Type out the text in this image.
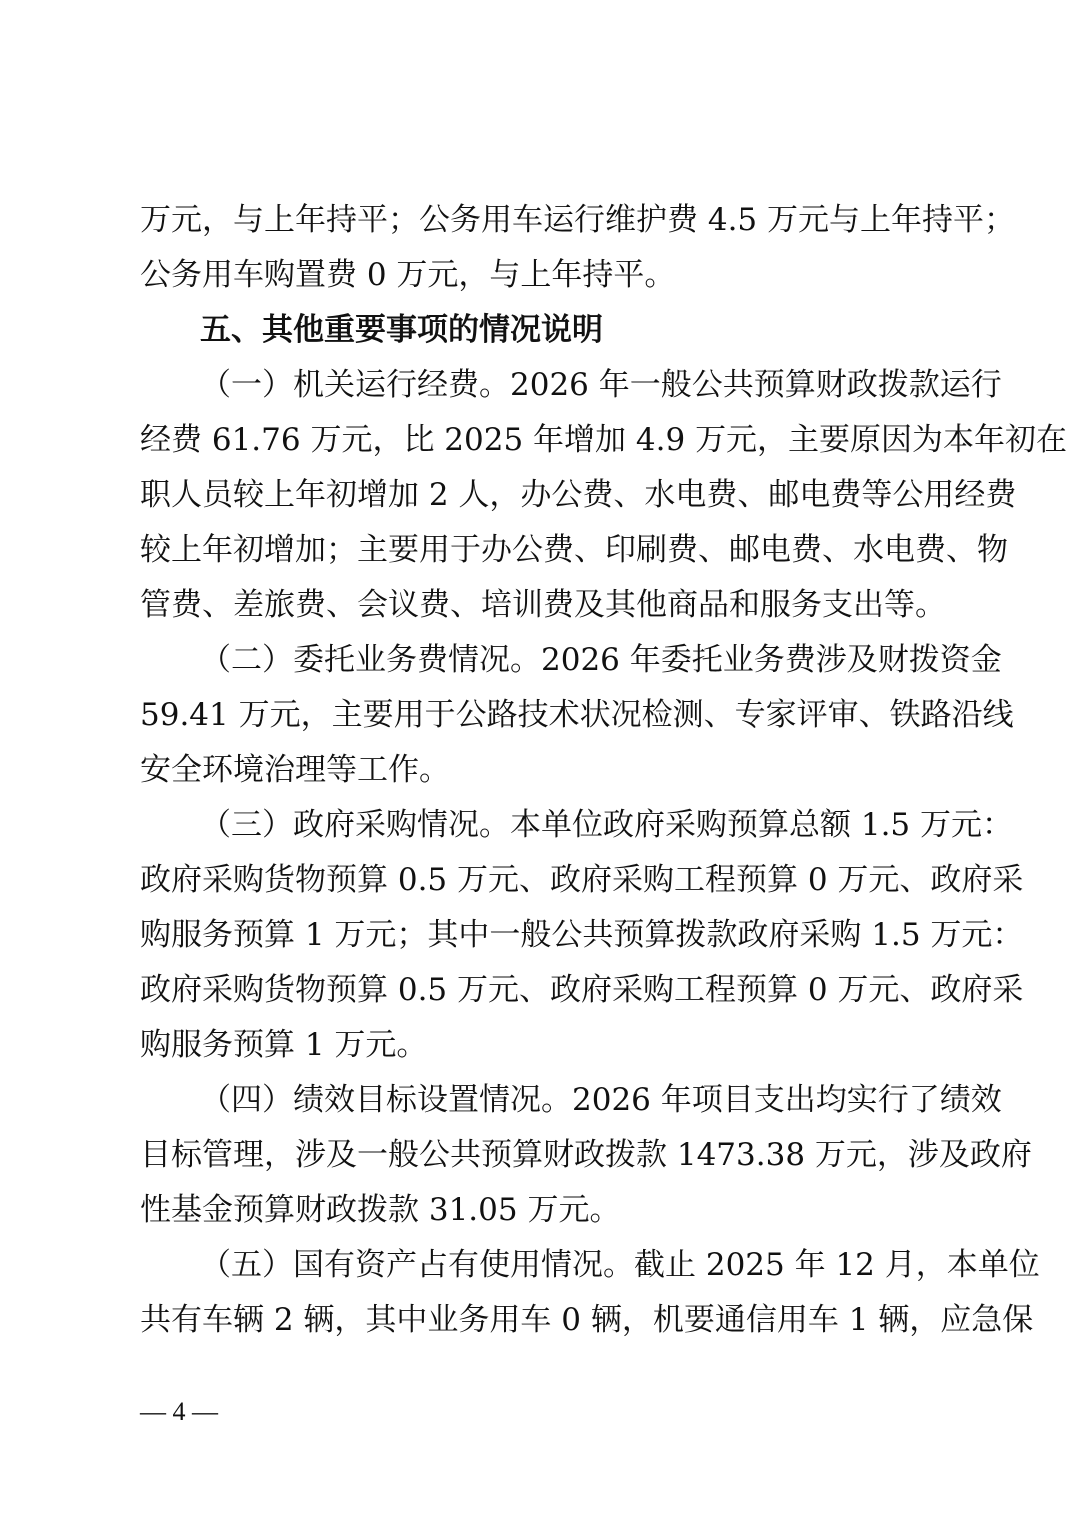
万元，与上年持平；公务用车运行维护费 4.5 万元与上年持平；
公务用车购置费 0 万元，与上年持平。
五、其他重要事项的情况说明
（一）机关运行经费。2026 年一般公共预算财政拨款运行
经费 61.76 万元，比 2025 年增加 4.9 万元，主要原因为本年初在
职人员较上年初增加 2 人，办公费、水电费、邮电费等公用经费
较上年初增加；主要用于办公费、印刷费、邮电费、水电费、物
管费、差旅费、会议费、培训费及其他商品和服务支出等。
（二）委托业务费情况。2026 年委托业务费涉及财拨资金
59.41 万元，主要用于公路技术状况检测、专家评审、铁路沿线
安全环境治理等工作。
（三）政府采购情况。本单位政府采购预算总额 1.5 万元：
政府采购货物预算 0.5 万元、政府采购工程预算 0 万元、政府采
购服务预算 1 万元；其中一般公共预算拨款政府采购 1.5 万元：
政府采购货物预算 0.5 万元、政府采购工程预算 0 万元、政府采
购服务预算 1 万元。
（四）绩效目标设置情况。2026 年项目支出均实行了绩效
目标管理，涉及一般公共预算财政拨款 1473.38 万元，涉及政府
性基金预算财政拨款 31.05 万元。
（五）国有资产占有使用情况。截止 2025 年 12 月，本单位
共有车辆 2 辆，其中业务用车 0 辆，机要通信用车 1 辆，应急保
— 4 —
